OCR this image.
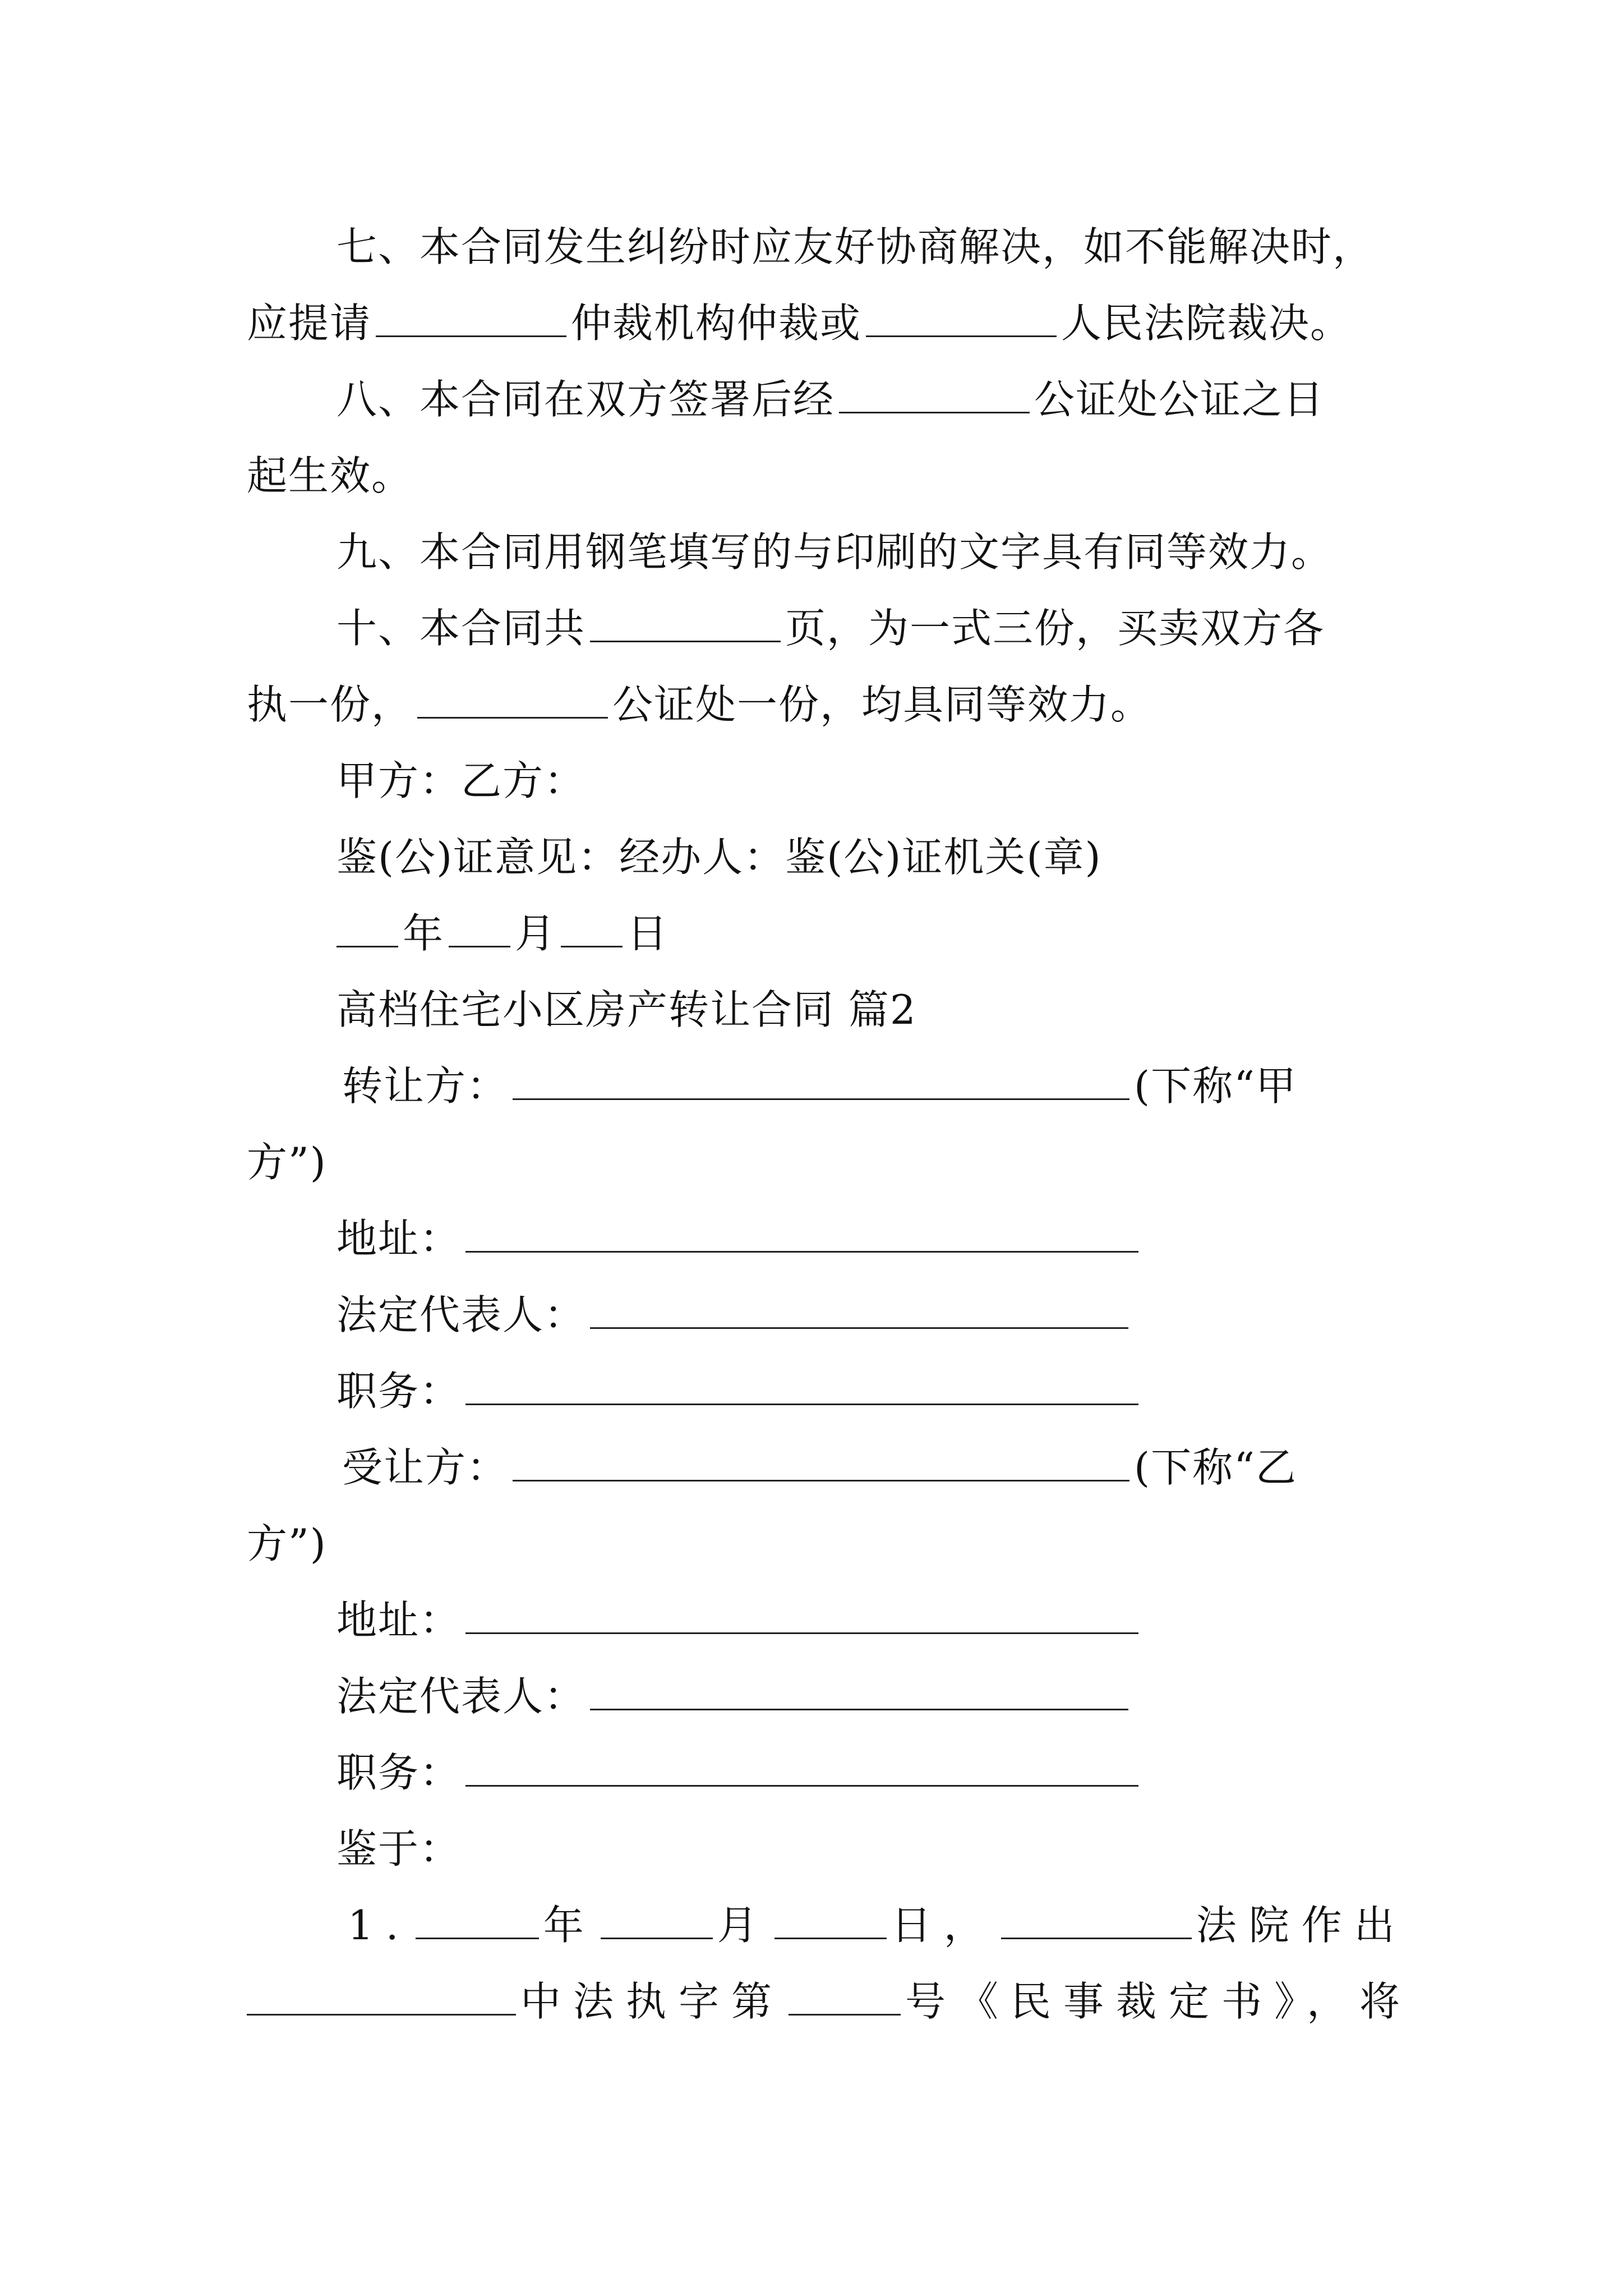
七、本合同发生纠纷时应友好协商解决，如不能解决时，
应提请	仲裁机构仲裁或	人民法院裁决。
八、本合同在双方签署后经	公证处公证之日
起生效。
九、本合同用钢笔填写的与印刷的文字具有同等效力。
十、本合同共	页，为一式三份，买卖双方各
执一份，	公证处一份，均具同等效力。
甲方：乙方：
鉴(公)证意见：经办人：鉴(公)证机关(章)
年 月 日
高档住宅小区房产转让合同 篇2
转让方：	(下称“甲
方”)
地址：
法定代表人：
职务：
受让方：	(下称“乙
方”)
地址：
法定代表人：
职务：
鉴于：
1.	年	月	日，	法院作出
中法执字第	号《民事裁定书》，将
